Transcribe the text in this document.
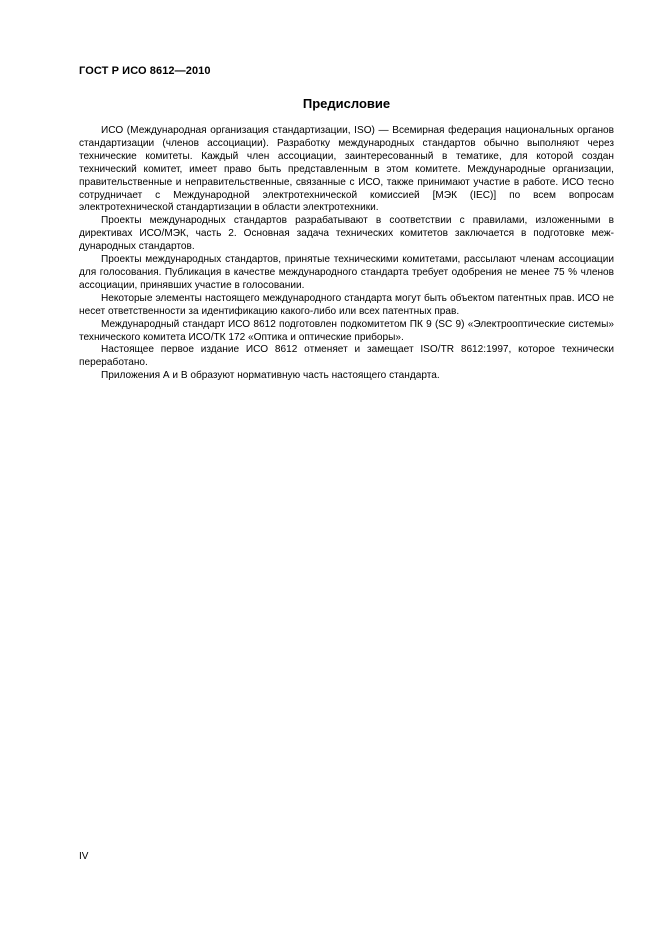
ГОСТ Р ИСО 8612—2010
Предисловие

ИСО (Международная организация стандартизации, ISO) — Всемирная федерация национальных органов стандартизации (членов ассоциации). Разработку международных стандартов обычно выполняют через технические комитеты. Каждый член ассоциации, заинтересованный в тематике, для которой создан технический комитет, имеет право быть представленным в этом комитете. Международные организации, правительственные и неправительственные, связанные с ИСО, также принимают участие в работе. ИСО тесно сотрудничает с Международной электротехнической комиссией [МЭК (IEC)] по всем вопросам электротехнической стандартизации в области электротехники.

Проекты международных стандартов разрабатывают в соответствии с правилами, изложенными в директивах ИСО/МЭК, часть 2. Основная задача технических комитетов заключается в подготовке международных стандартов.

Проекты международных стандартов, принятые техническими комитетами, рассылают членам ассоциации для голосования. Публикация в качестве международного стандарта требует одобрения не менее 75 % членов ассоциации, принявших участие в голосовании.

Некоторые элементы настоящего международного стандарта могут быть объектом патентных прав. ИСО не несет ответственности за идентификацию какого-либо или всех патентных прав.

Международный стандарт ИСО 8612 подготовлен подкомитетом ПК 9 (SC 9) «Электрооптические системы» технического комитета ИСО/ТК 172 «Оптика и оптические приборы».

Настоящее первое издание ИСО 8612 отменяет и замещает ISO/TR 8612:1997, которое технически переработано.

Приложения А и В образуют нормативную часть настоящего стандарта.

IV
